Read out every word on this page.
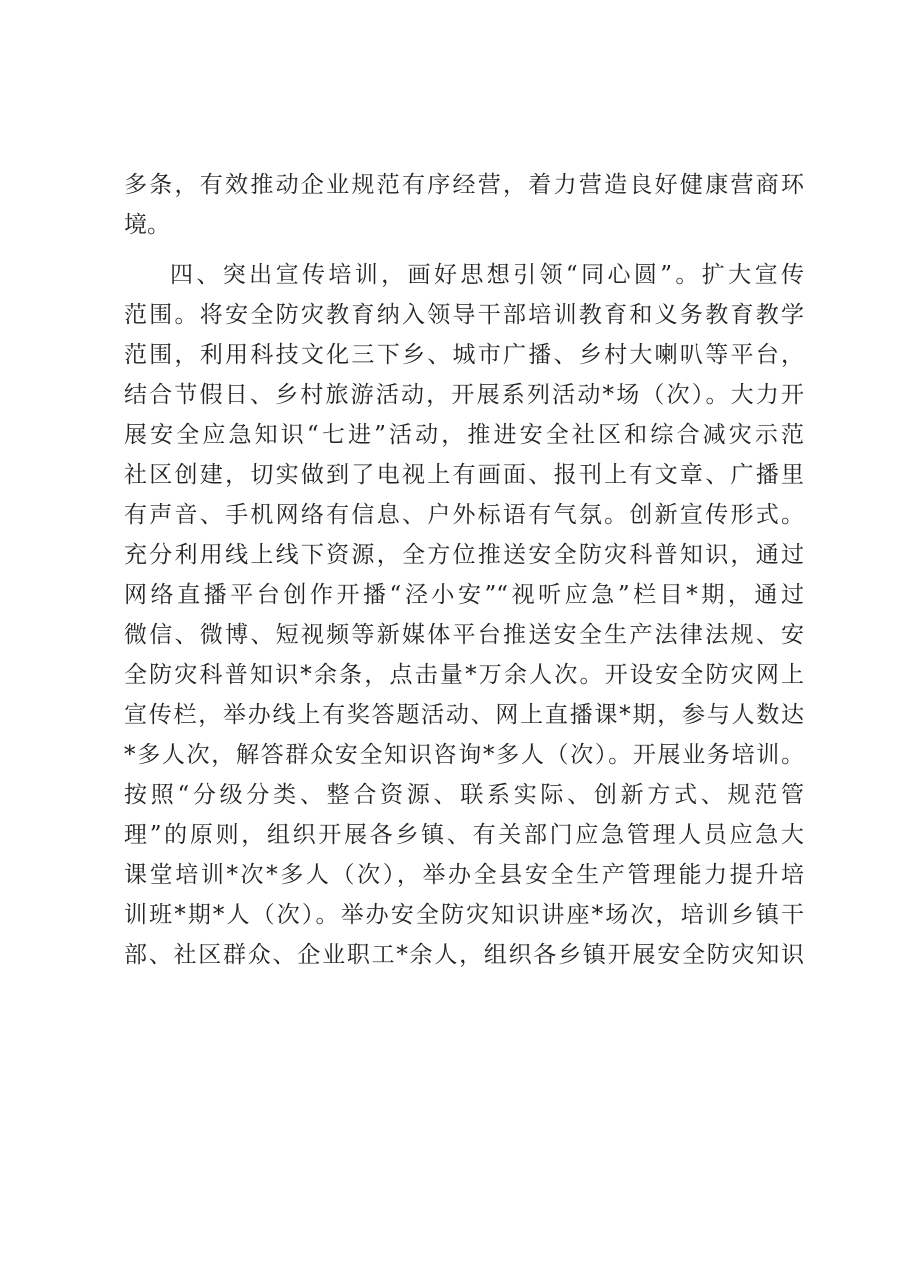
多条，有效推动企业规范有序经营，着力营造良好健康营商环
境。
四、突出宣传培训，画好思想引领“同心圆”。扩大宣传
范围。将安全防灾教育纳入领导干部培训教育和义务教育教学
范围，利用科技文化三下乡、城市广播、乡村大喇叭等平台，
结合节假日、乡村旅游活动，开展系列活动*场（次）。大力开
展安全应急知识“七进”活动，推进安全社区和综合减灾示范
社区创建，切实做到了电视上有画面、报刊上有文章、广播里
有声音、手机网络有信息、户外标语有气氛。创新宣传形式。
充分利用线上线下资源，全方位推送安全防灾科普知识，通过
网络直播平台创作开播“泾小安”“视听应急”栏目*期，通过
微信、微博、短视频等新媒体平台推送安全生产法律法规、安
全防灾科普知识*余条，点击量*万余人次。开设安全防灾网上
宣传栏，举办线上有奖答题活动、网上直播课*期，参与人数达
*多人次，解答群众安全知识咨询*多人（次）。开展业务培训。
按照“分级分类、整合资源、联系实际、创新方式、规范管
理”的原则，组织开展各乡镇、有关部门应急管理人员应急大
课堂培训*次*多人（次），举办全县安全生产管理能力提升培
训班*期*人（次）。举办安全防灾知识讲座*场次，培训乡镇干
部、社区群众、企业职工*余人，组织各乡镇开展安全防灾知识
